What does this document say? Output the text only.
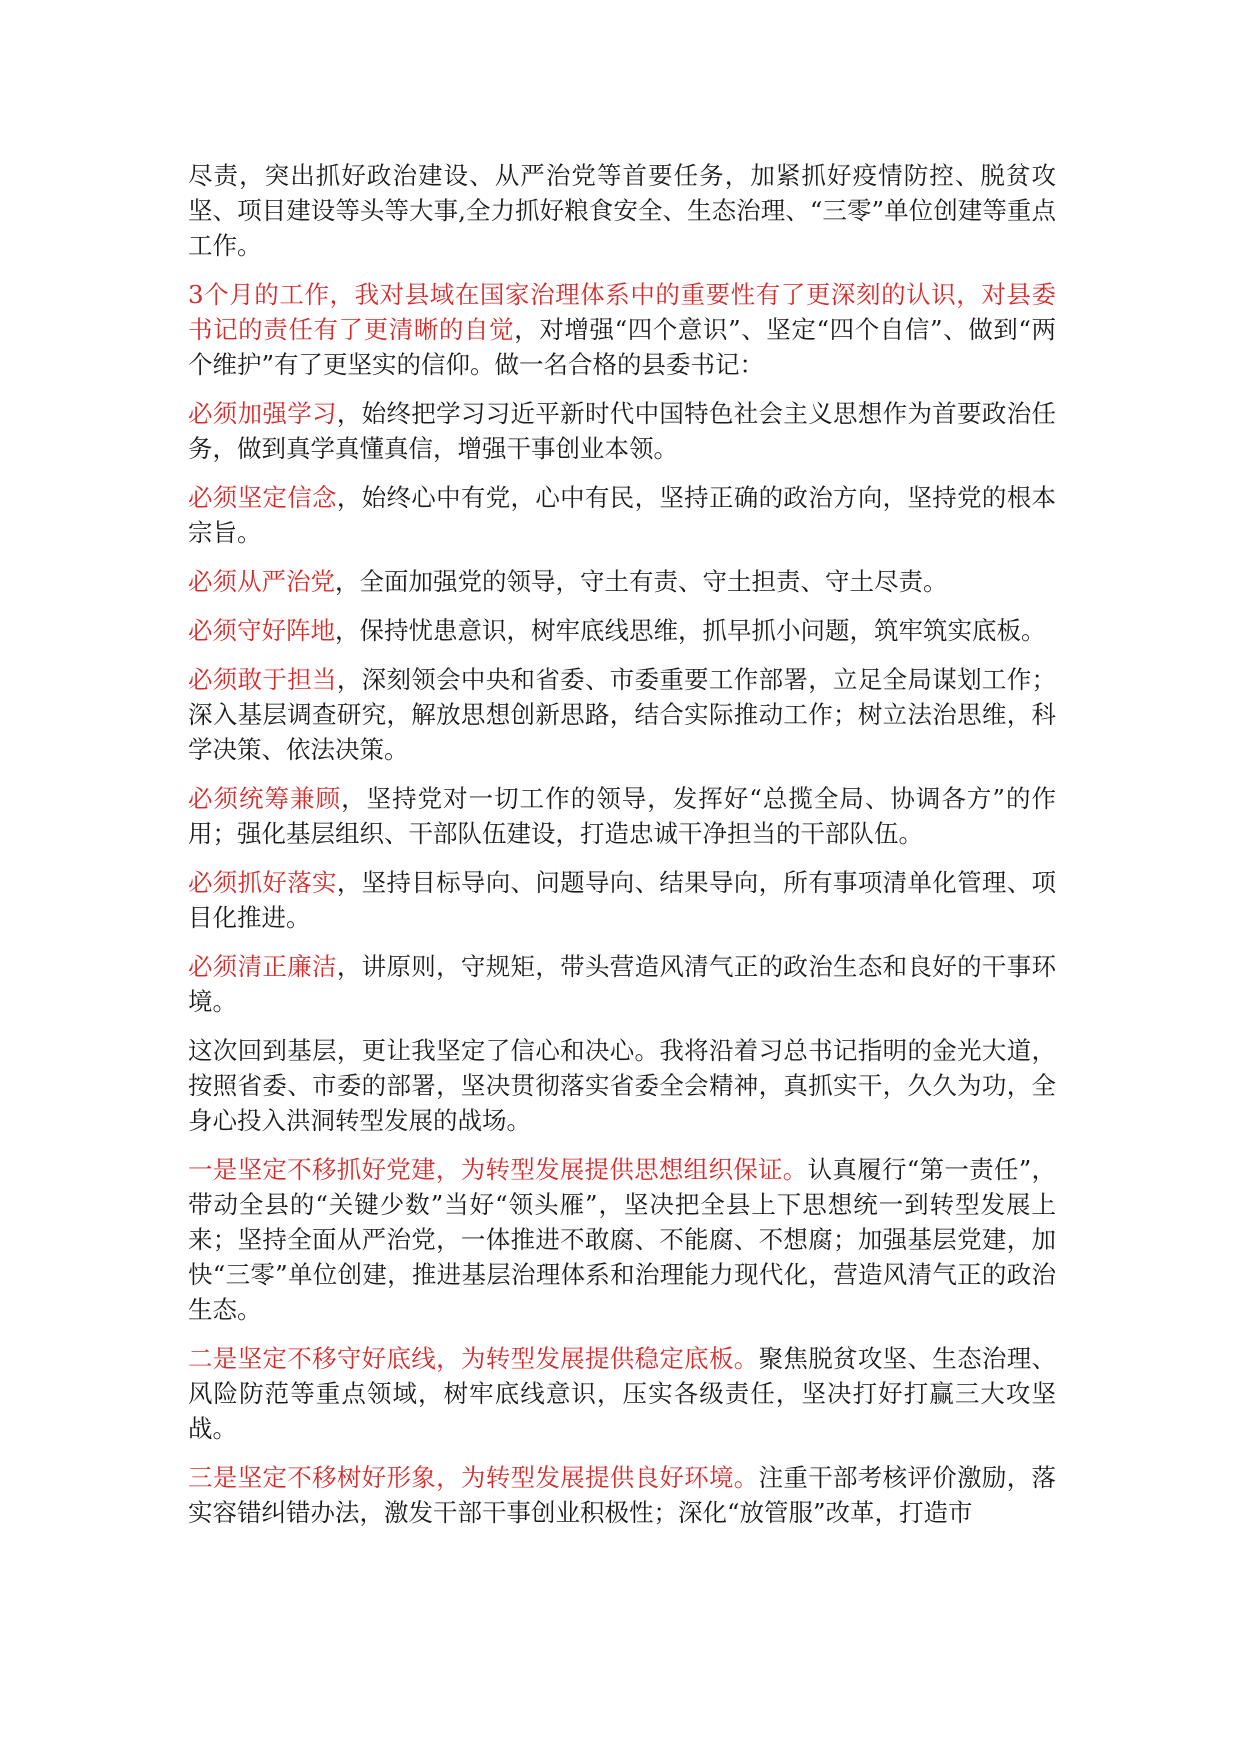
尽责，突出抓好政治建设、从严治党等首要任务，加紧抓好疫情防控、脱贫攻坚、项目建设等头等大事,全力抓好粮食安全、生态治理、“三零”单位创建等重点工作。

3个月的工作，我对县域在国家治理体系中的重要性有了更深刻的认识，对县委书记的责任有了更清晰的自觉，对增强“四个意识”、坚定“四个自信”、做到“两个维护”有了更坚实的信仰。做一名合格的县委书记：

必须加强学习，始终把学习习近平新时代中国特色社会主义思想作为首要政治任务，做到真学真懂真信，增强干事创业本领。

必须坚定信念，始终心中有党，心中有民，坚持正确的政治方向，坚持党的根本宗旨。

必须从严治党，全面加强党的领导，守土有责、守土担责、守土尽责。

必须守好阵地，保持忧患意识，树牢底线思维，抓早抓小问题，筑牢筑实底板。

必须敢于担当，深刻领会中央和省委、市委重要工作部署，立足全局谋划工作；深入基层调查研究，解放思想创新思路，结合实际推动工作；树立法治思维，科学决策、依法决策。

必须统筹兼顾，坚持党对一切工作的领导，发挥好“总揽全局、协调各方”的作用；强化基层组织、干部队伍建设，打造忠诚干净担当的干部队伍。

必须抓好落实，坚持目标导向、问题导向、结果导向，所有事项清单化管理、项目化推进。

必须清正廉洁，讲原则，守规矩，带头营造风清气正的政治生态和良好的干事环境。

这次回到基层，更让我坚定了信心和决心。我将沿着习总书记指明的金光大道，按照省委、市委的部署，坚决贯彻落实省委全会精神，真抓实干，久久为功，全身心投入洪洞转型发展的战场。

一是坚定不移抓好党建，为转型发展提供思想组织保证。认真履行“第一责任”，带动全县的“关键少数”当好“领头雁”，坚决把全县上下思想统一到转型发展上来；坚持全面从严治党，一体推进不敢腐、不能腐、不想腐；加强基层党建，加快“三零”单位创建，推进基层治理体系和治理能力现代化，营造风清气正的政治生态。

二是坚定不移守好底线，为转型发展提供稳定底板。聚焦脱贫攻坚、生态治理、风险防范等重点领域，树牢底线意识，压实各级责任，坚决打好打赢三大攻坚战。

三是坚定不移树好形象，为转型发展提供良好环境。注重干部考核评价激励，落实容错纠错办法，激发干部干事创业积极性；深化“放管服”改革，打造市
